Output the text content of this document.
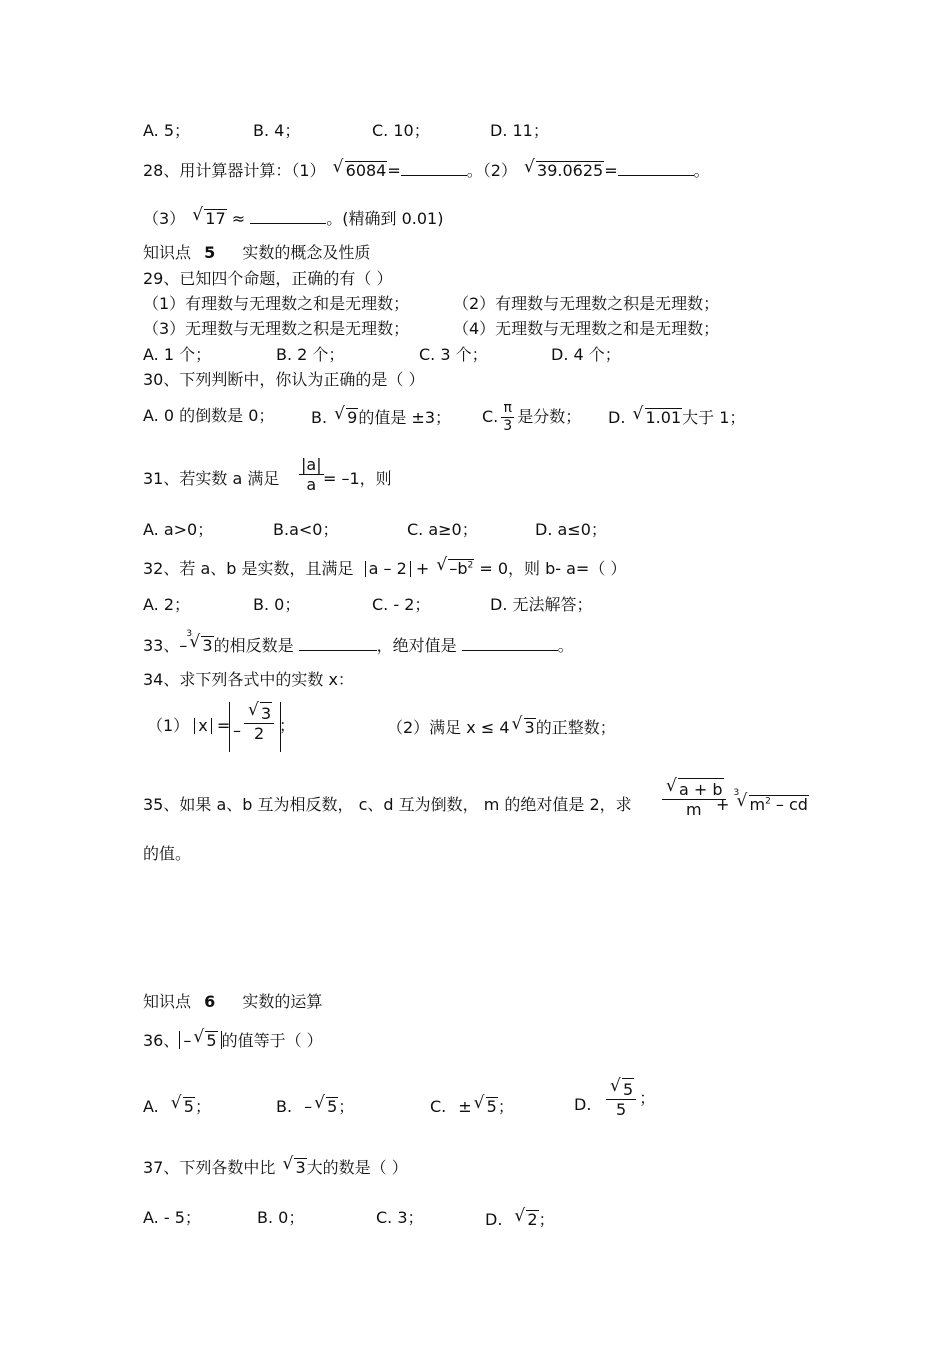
A. 5；	B. 4；	C. 10；	D. 11；
28、用计算器计算：（1） √ 6084=	。（2） √ 39.0625=	。
（3） √ 17 ≈	。(精确到 0.01)
知识点 5 实数的概念及性质
29、已知四个命题，正确的有（ ）
（1）有理数与无理数之和是无理数；	（2）有理数与无理数之积是无理数；
（3）无理数与无理数之积是无理数；	（4）无理数与无理数之和是无理数；
A. 1 个；	B. 2 个；	C. 3 个；	D. 4 个；
30、下列判断中，你认为正确的是（ ）
A. 0 的倒数是 0； B. √ 9的值是 ±3； C. $\frac{\pi}{3}$ 是分数； D. √ 1.01大于 1；
31、若实数 a 满足 $\frac{|a|}{a} = -1$，则
A. a>0；	B.a<0；	C. a≥0；	D. a≤0；
32、若 a、b 是实数，且满足 a – 2 + √ $-b^2 = 0$，则 b- a=（ ）
A. 2；	B. 0；	C. - 2；	D. 无法解答；
33、–
√ 3
3的相反数是	，绝对值是	。
34、求下列各式中的实数 x：
（1） x = – √ $\frac{3}{2}$ ；	（2）满足 x ≤ 4 √ 3的正整数；
35、如果 a、b 互为相反数， c、d 互为倒数， m 的绝对值是 2，求 √ $\frac{a + b}{m}$
+
√ 3
$m^2$ – cd
的值。
知识点 6 实数的运算
36、 – √ 5 的值等于（ ）
A. √ 5；	B. – √ 5；	C. ± √ 5；	D. √ $\frac{5}{5}$ ；
37、下列各数中比 √ 3大的数是（ ）
A. - 5；	B. 0；	C. 3；	D. √ 2；
